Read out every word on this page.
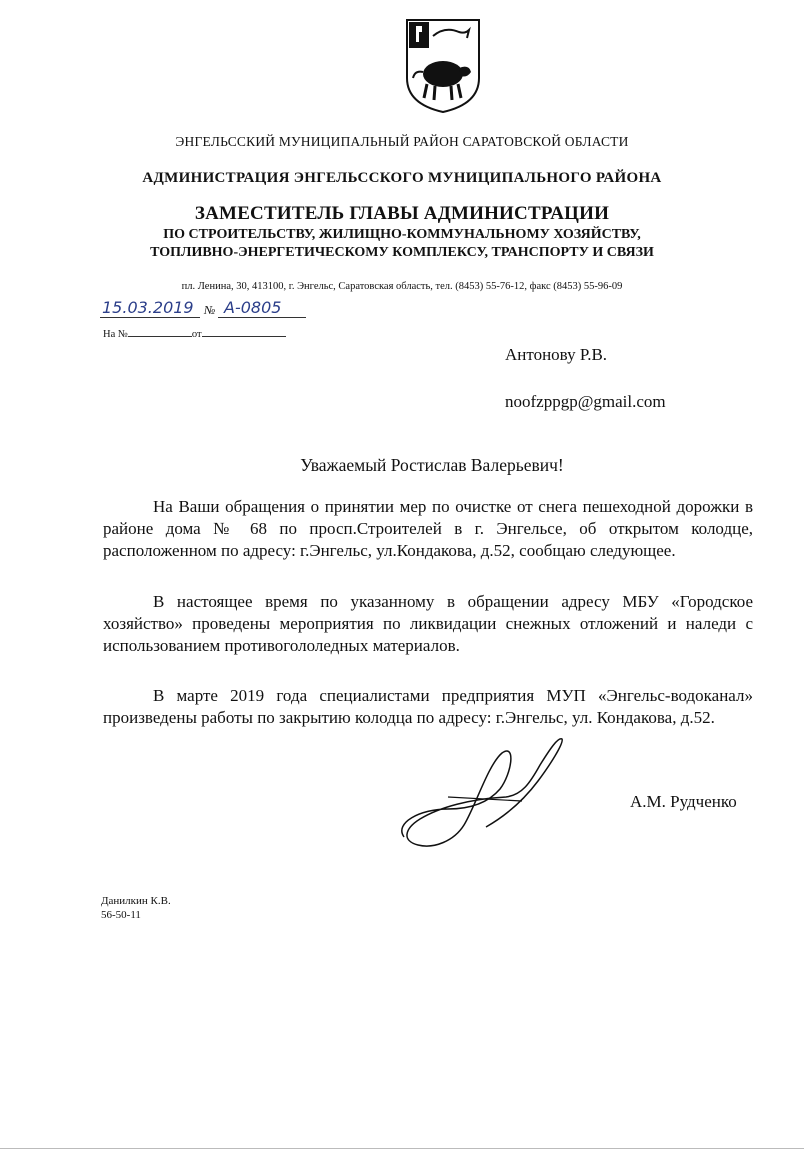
ЭНГЕЛЬССКИЙ МУНИЦИПАЛЬНЫЙ РАЙОН САРАТОВСКОЙ ОБЛАСТИ
АДМИНИСТРАЦИЯ ЭНГЕЛЬССКОГО МУНИЦИПАЛЬНОГО РАЙОНА
ЗАМЕСТИТЕЛЬ ГЛАВЫ АДМИНИСТРАЦИИ
ПО СТРОИТЕЛЬСТВУ, ЖИЛИЩНО-КОММУНАЛЬНОМУ ХОЗЯЙСТВУ,
ТОПЛИВНО-ЭНЕРГЕТИЧЕСКОМУ КОМПЛЕКСУ, ТРАНСПОРТУ И СВЯЗИ
пл. Ленина, 30, 413100, г. Энгельс, Саратовская область, тел. (8453) 55-76-12, факс (8453) 55-96-09
15.03.2019 № А-0805
На №	от
Антонову Р.В.
noofzppgp@gmail.com
Уважаемый Ростислав Валерьевич!

На Ваши обращения о принятии мер по очистке от снега пешеходной дорожки в районе дома № 68 по просп.Строителей в г. Энгельсе, об открытом колодце, расположенном по адресу: г.Энгельс, ул.Кондакова, д.52, сообщаю следующее.

В настоящее время по указанному в обращении адресу МБУ «Городское хозяйство» проведены мероприятия по ликвидации снежных отложений и наледи с использованием противогололедных материалов.

В марте 2019 года специалистами предприятия МУП «Энгельс-водоканал» произведены работы по закрытию колодца по адресу: г.Энгельс, ул. Кондакова, д.52.

А.М. Рудченко
Данилкин К.В.
56-50-11
